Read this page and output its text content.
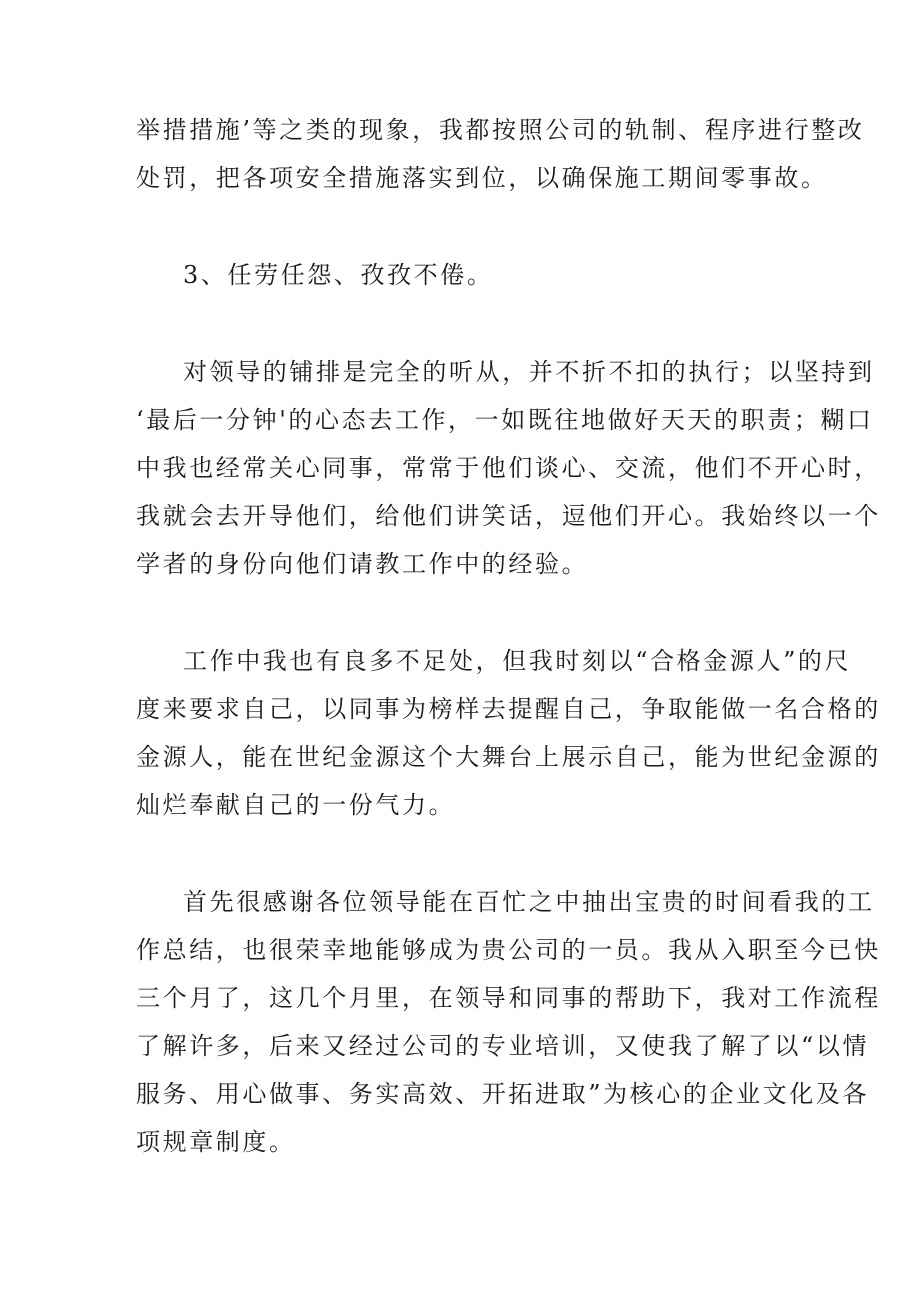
举措措施’等之类的现象，我都按照公司的轨制、程序进行整改
处罚，把各项安全措施落实到位，以确保施工期间零事故。
3、任劳任怨、孜孜不倦。
对领导的铺排是完全的听从，并不折不扣的执行；以坚持到
‘最后一分钟'的心态去工作，一如既往地做好天天的职责；糊口
中我也经常关心同事，常常于他们谈心、交流，他们不开心时，
我就会去开导他们，给他们讲笑话，逗他们开心。我始终以一个
学者的身份向他们请教工作中的经验。
工作中我也有良多不足处，但我时刻以“合格金源人”的尺
度来要求自己，以同事为榜样去提醒自己，争取能做一名合格的
金源人，能在世纪金源这个大舞台上展示自己，能为世纪金源的
灿烂奉献自己的一份气力。
首先很感谢各位领导能在百忙之中抽出宝贵的时间看我的工
作总结，也很荣幸地能够成为贵公司的一员。我从入职至今已快
三个月了，这几个月里，在领导和同事的帮助下，我对工作流程
了解许多，后来又经过公司的专业培训，又使我了解了以“以情
服务、用心做事、务实高效、开拓进取”为核心的企业文化及各
项规章制度。
